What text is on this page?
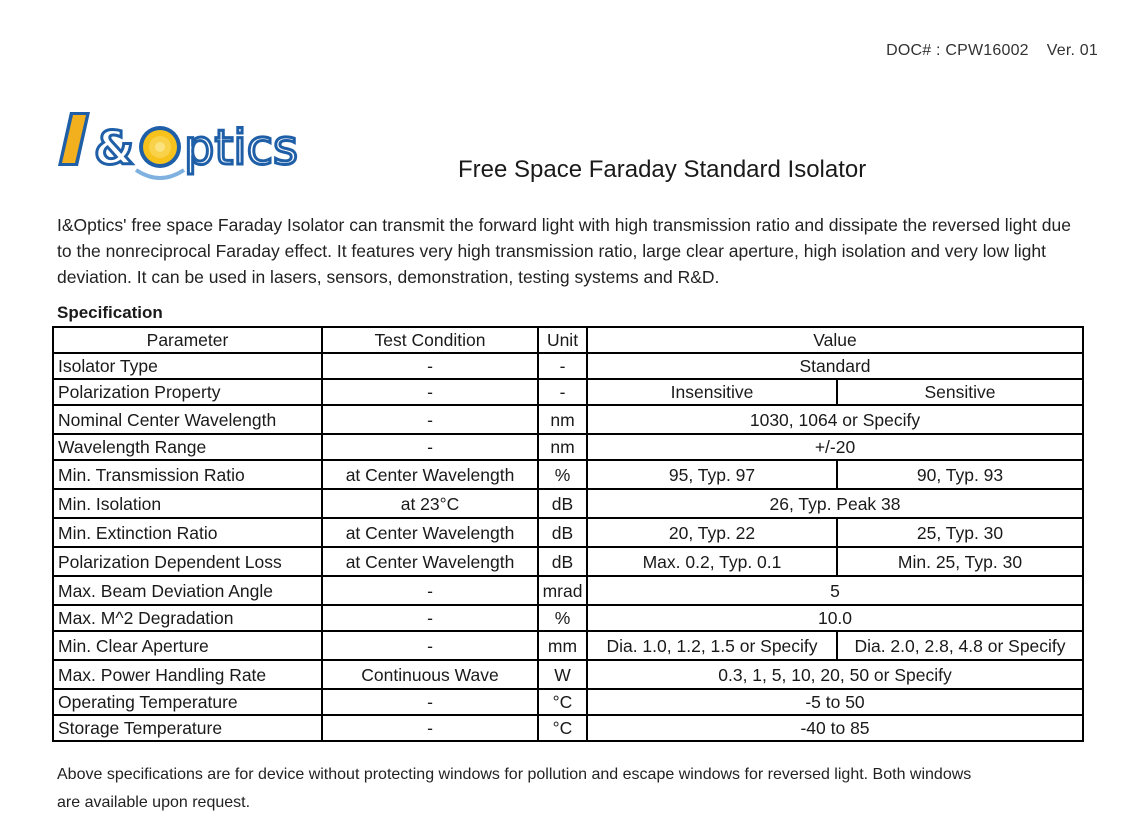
DOC# : CPW16002 Ver. 01
& ptics	Free Space Faraday Standard Isolator
I&Optics' free space Faraday Isolator can transmit the forward light with high transmission ratio and dissipate the reversed light due to the nonreciprocal Faraday effect. It features very high transmission ratio, large clear aperture, high isolation and very low light deviation. It can be used in lasers, sensors, demonstration, testing systems and R&D.
Specification
Parameter	Test Condition	Unit	Value	
Isolator Type	-	-	Standard	
Polarization Property	-	-	Insensitive	Sensitive
Nominal Center Wavelength	-	nm	1030, 1064 or Specify	
Wavelength Range	-	nm	+/-20	
Min. Transmission Ratio	at Center Wavelength	%	95, Typ. 97	90, Typ. 93
Min. Isolation	at 23°C	dB	26, Typ. Peak 38	
Min. Extinction Ratio	at Center Wavelength	dB	20, Typ. 22	25, Typ. 30
Polarization Dependent Loss	at Center Wavelength	dB	Max. 0.2, Typ. 0.1	Min. 25, Typ. 30
Max. Beam Deviation Angle	-	mrad	5	
Max. M^2 Degradation	-	%	10.0	
Min. Clear Aperture	-	mm	Dia. 1.0, 1.2, 1.5 or Specify	Dia. 2.0, 2.8, 4.8 or Specify
Max. Power Handling Rate	Continuous Wave	W	0.3, 1, 5, 10, 20, 50 or Specify	
Operating Temperature	-	°C	-5 to 50	
Storage Temperature	-	°C	-40 to 85	
Above specifications are for device without protecting windows for pollution and escape windows for reversed light. Both windows
are available upon request.
